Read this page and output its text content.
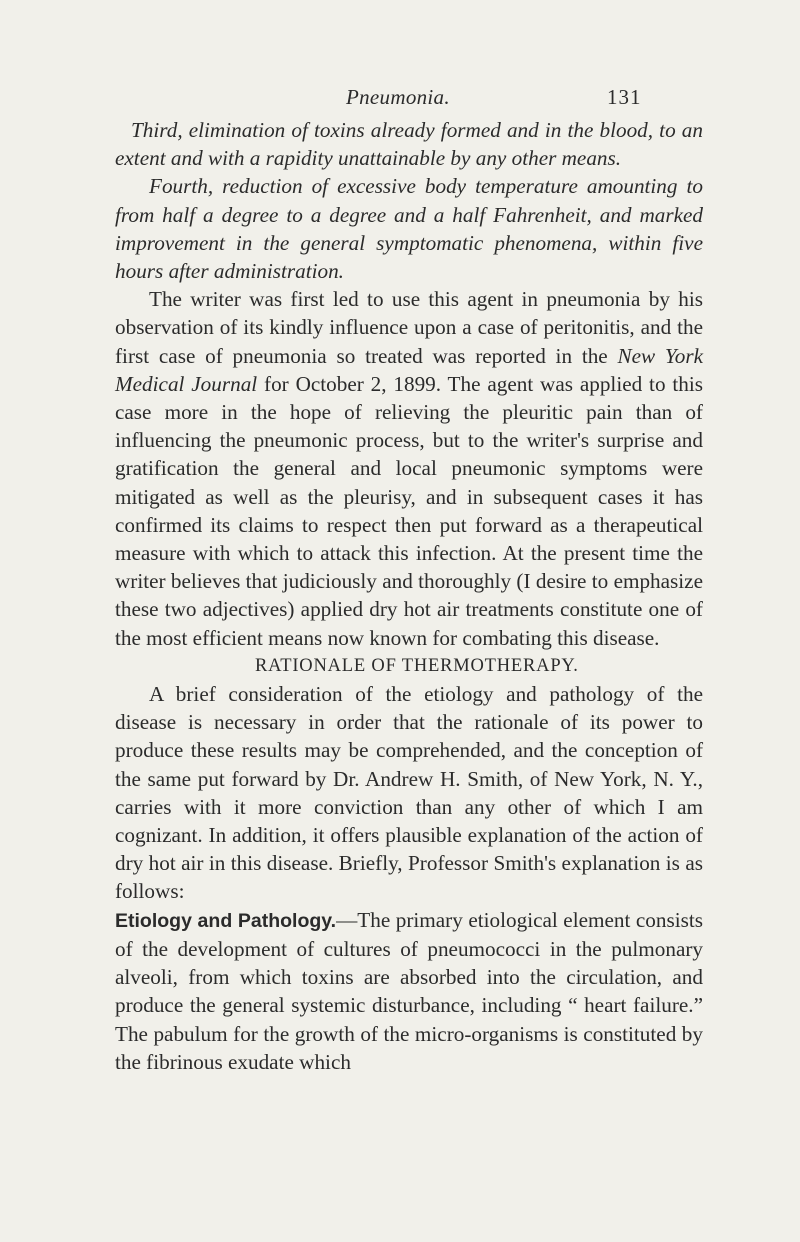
Pneumonia.	131

Third, elimination of toxins already formed and in the blood, to an extent and with a rapidity unattainable by any other means.

Fourth, reduction of excessive body temperature amounting to from half a degree to a degree and a half Fahrenheit, and marked improvement in the general symptomatic phenomena, within five hours after administration.

The writer was first led to use this agent in pneumonia by his observation of its kindly influence upon a case of peritonitis, and the first case of pneumonia so treated was reported in the New York Medical Journal for October 2, 1899. The agent was applied to this case more in the hope of relieving the pleuritic pain than of influencing the pneumonic process, but to the writer's surprise and gratification the general and local pneumonic symptoms were mitigated as well as the pleurisy, and in subsequent cases it has confirmed its claims to respect then put forward as a therapeutical measure with which to attack this infection. At the present time the writer believes that judiciously and thoroughly (I desire to emphasize these two adjectives) applied dry hot air treatments constitute one of the most efficient means now known for combating this disease.

RATIONALE OF THERMOTHERAPY.

A brief consideration of the etiology and pathology of the disease is necessary in order that the rationale of its power to produce these results may be comprehended, and the conception of the same put forward by Dr. Andrew H. Smith, of New York, N. Y., carries with it more conviction than any other of which I am cognizant. In addition, it offers plausible explanation of the action of dry hot air in this disease. Briefly, Professor Smith's explanation is as follows:

Etiology and Pathology.—The primary etiological element consists of the development of cultures of pneumococci in the pulmonary alveoli, from which toxins are absorbed into the circulation, and produce the general systemic disturbance, including “ heart failure.” The pabulum for the growth of the micro-organisms is constituted by the fibrinous exudate which
